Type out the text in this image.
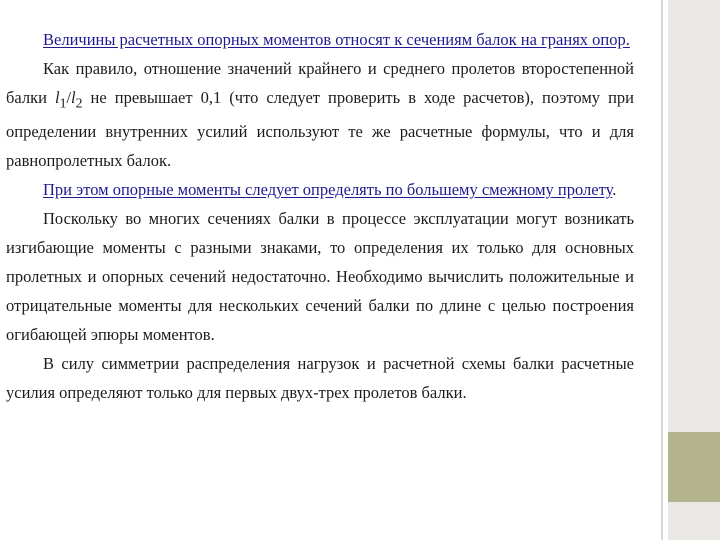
Величины расчетных опорных моментов относят к сечениям балок на гранях опор.

Как правило, отношение значений крайнего и среднего пролетов второстепенной балки $l_1/l_2$ не превышает 0,1 (что следует проверить в ходе расчетов), поэтому при определении внутренних усилий используют те же расчетные формулы, что и для равнопролетных балок.

При этом опорные моменты следует определять по большему смежному пролету.

Поскольку во многих сечениях балки в процессе эксплуатации могут возникать изгибающие моменты с разными знаками, то определения их только для основных пролетных и опорных сечений недостаточно. Необходимо вычислить положительные и отрицательные моменты для нескольких сечений балки по длине с целью построения огибающей эпюры моментов.

В силу симметрии распределения нагрузок и расчетной схемы балки расчетные усилия определяют только для первых двух-трех пролетов балки.
